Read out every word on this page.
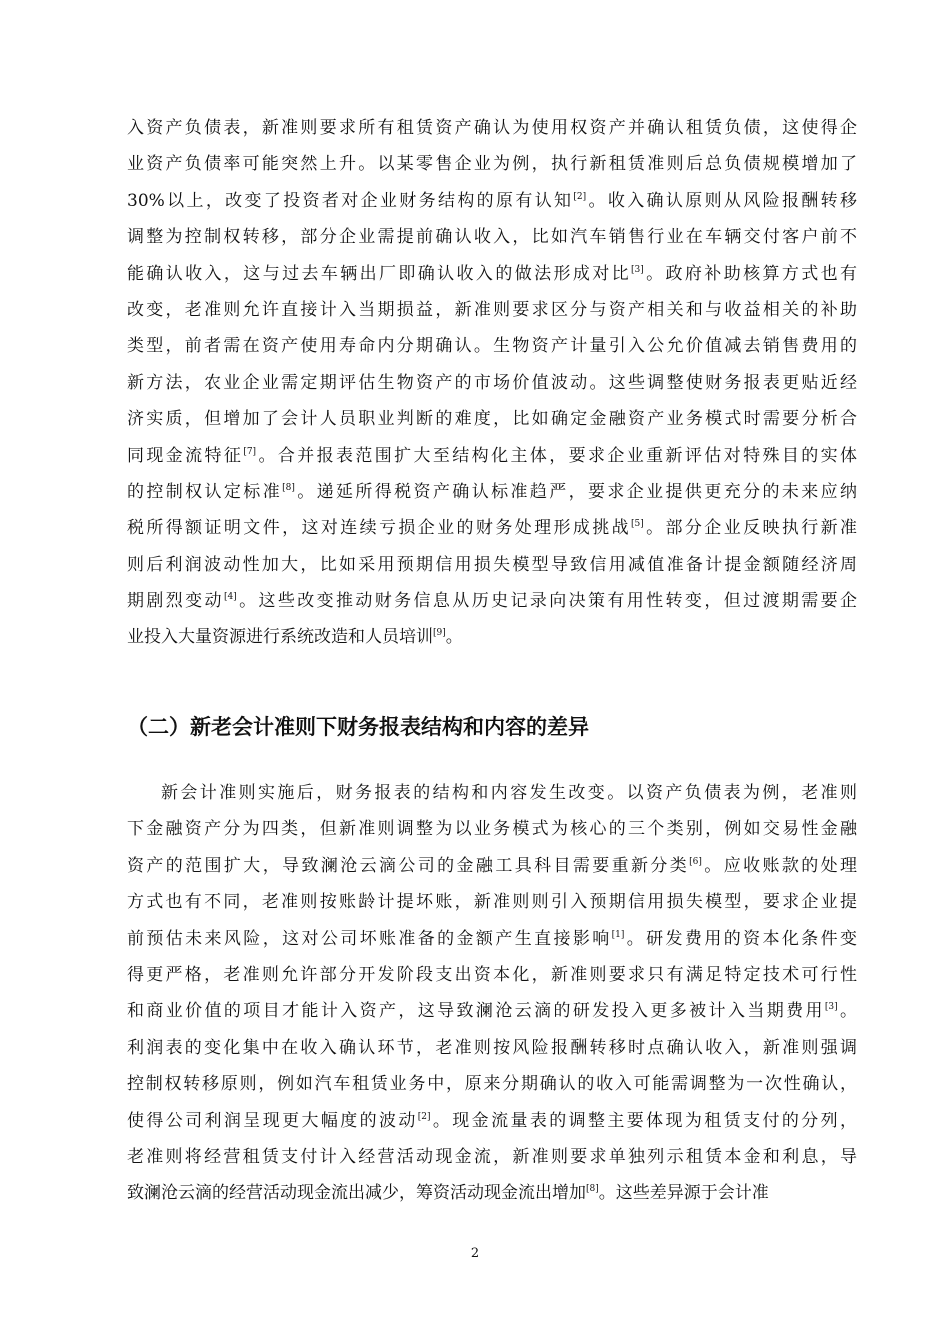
入资产负债表，新准则要求所有租赁资产确认为使用权资产并确认租赁负债，这使得企
业资产负债率可能突然上升。以某零售企业为例，执行新租赁准则后总负债规模增加了
30%以上，改变了投资者对企业财务结构的原有认知[2]。收入确认原则从风险报酬转移
调整为控制权转移，部分企业需提前确认收入，比如汽车销售行业在车辆交付客户前不
能确认收入，这与过去车辆出厂即确认收入的做法形成对比[3]。政府补助核算方式也有
改变，老准则允许直接计入当期损益，新准则要求区分与资产相关和与收益相关的补助
类型，前者需在资产使用寿命内分期确认。生物资产计量引入公允价值减去销售费用的
新方法，农业企业需定期评估生物资产的市场价值波动。这些调整使财务报表更贴近经
济实质，但增加了会计人员职业判断的难度，比如确定金融资产业务模式时需要分析合
同现金流特征[7]。合并报表范围扩大至结构化主体，要求企业重新评估对特殊目的实体
的控制权认定标准[8]。递延所得税资产确认标准趋严，要求企业提供更充分的未来应纳
税所得额证明文件，这对连续亏损企业的财务处理形成挑战[5]。部分企业反映执行新准
则后利润波动性加大，比如采用预期信用损失模型导致信用减值准备计提金额随经济周
期剧烈变动[4]。这些改变推动财务信息从历史记录向决策有用性转变，但过渡期需要企
业投入大量资源进行系统改造和人员培训[9]。
（二）新老会计准则下财务报表结构和内容的差异
新会计准则实施后，财务报表的结构和内容发生改变。以资产负债表为例，老准则
下金融资产分为四类，但新准则调整为以业务模式为核心的三个类别，例如交易性金融
资产的范围扩大，导致澜沧云滴公司的金融工具科目需要重新分类[6]。应收账款的处理
方式也有不同，老准则按账龄计提坏账，新准则则引入预期信用损失模型，要求企业提
前预估未来风险，这对公司坏账准备的金额产生直接影响[1]。研发费用的资本化条件变
得更严格，老准则允许部分开发阶段支出资本化，新准则要求只有满足特定技术可行性
和商业价值的项目才能计入资产，这导致澜沧云滴的研发投入更多被计入当期费用[3]。
利润表的变化集中在收入确认环节，老准则按风险报酬转移时点确认收入，新准则强调
控制权转移原则，例如汽车租赁业务中，原来分期确认的收入可能需调整为一次性确认，
使得公司利润呈现更大幅度的波动[2]。现金流量表的调整主要体现为租赁支付的分列，
老准则将经营租赁支付计入经营活动现金流，新准则要求单独列示租赁本金和利息，导
致澜沧云滴的经营活动现金流出减少，筹资活动现金流出增加[8]。这些差异源于会计准
2
